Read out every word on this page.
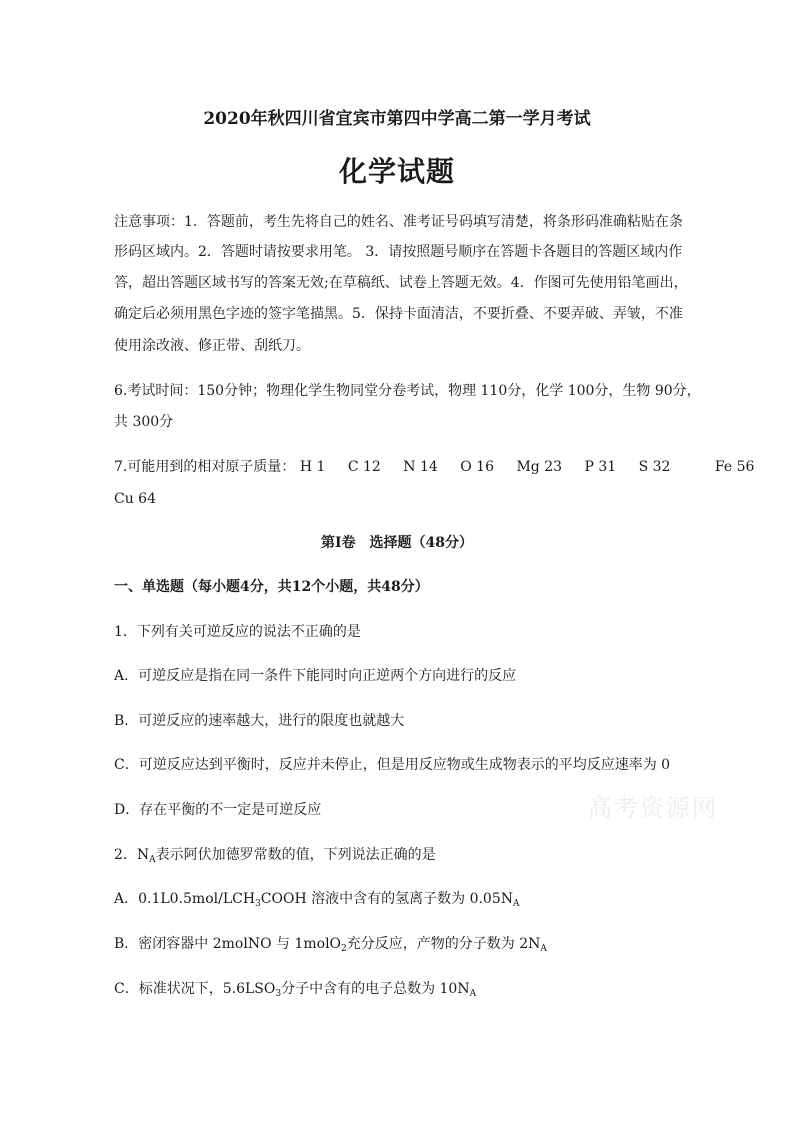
2020年秋四川省宜宾市第四中学高二第一学月考试
化学试题
注意事项：1．答题前，考生先将自己的姓名、准考证号码填写清楚，将条形码准确粘贴在条
形码区域内。2．答题时请按要求用笔。 3．请按照题号顺序在答题卡各题目的答题区域内作
答，超出答题区域书写的答案无效;在草稿纸、试卷上答题无效。4．作图可先使用铅笔画出，
确定后必须用黑色字迹的签字笔描黑。5．保持卡面清洁，不要折叠、不要弄破、弄皱，不准
使用涂改液、修正带、刮纸刀。
6.考试时间：150分钟；物理化学生物同堂分卷考试，物理 110分，化学 100分，生物 90分，
共 300分
7.可能用到的相对原子质量： H 1 C 12 N 14 O 16 Mg 23 P 31 S 32	Fe 56
Cu 64
第Ⅰ卷　选择题（48分）
一、单选题（每小题4分，共12个小题，共48分）
1．下列有关可逆反应的说法不正确的是
A．可逆反应是指在同一条件下能同时向正逆两个方向进行的反应
B．可逆反应的速率越大，进行的限度也就越大
C．可逆反应达到平衡时，反应并未停止，但是用反应物或生成物表示的平均反应速率为 0
D．存在平衡的不一定是可逆反应
2．$N_A$表示阿伏加德罗常数的值，下列说法正确的是
A．$0.1L0.5mol/LCH_3COOH$ 溶液中含有的氢离子数为 $0.05N_A$
B．密闭容器中 2molNO 与 1molO$_2$充分反应，产物的分子数为 $2N_A$
C．标准状况下，$5.6LSO_3$分子中含有的电子总数为 $10N_A$
高考资源网
